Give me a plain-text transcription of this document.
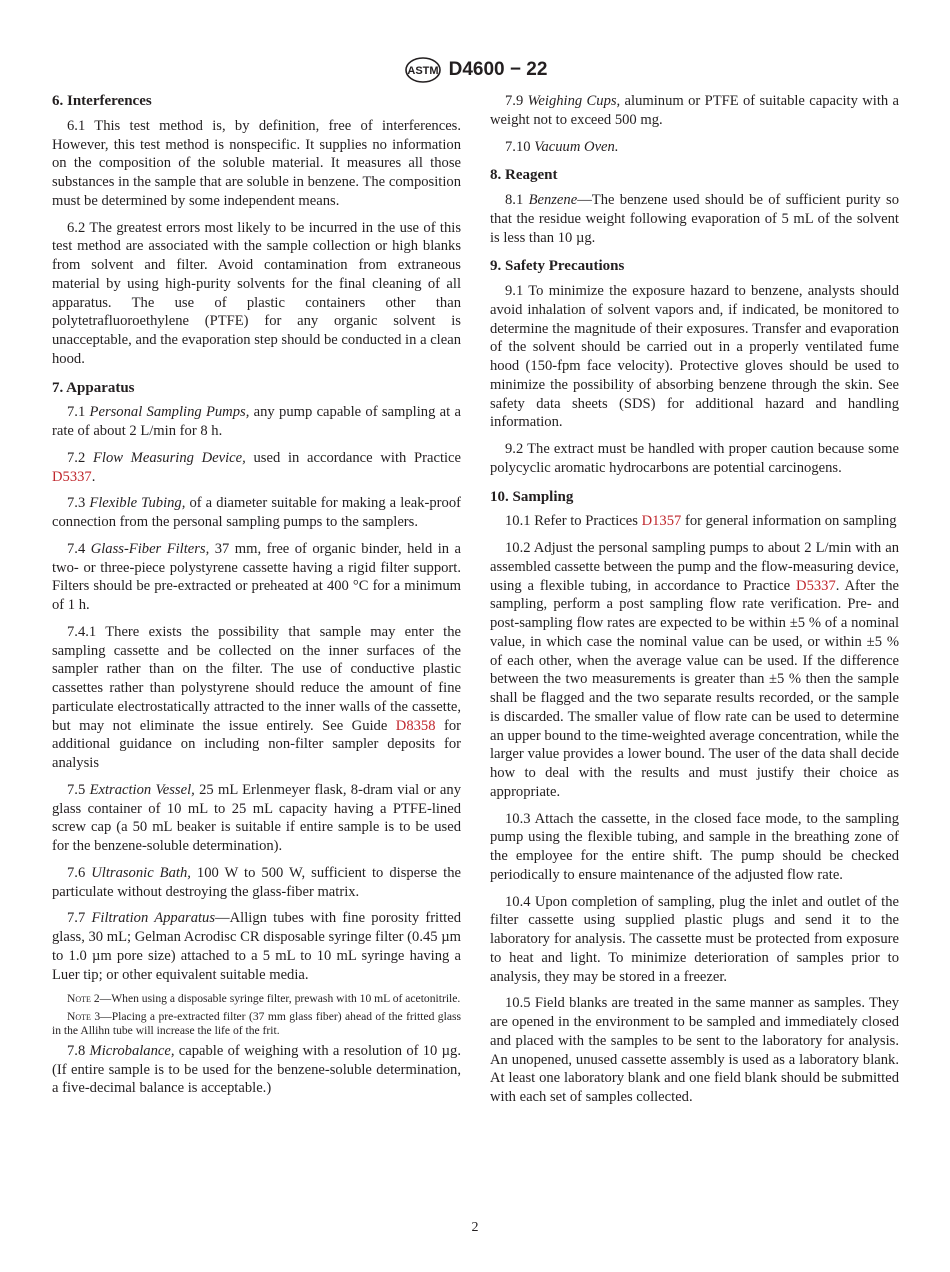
ASTM D4600 − 22
6. Interferences

6.1 This test method is, by definition, free of interferences. However, this test method is nonspecific. It supplies no information on the composition of the soluble material. It measures all those substances in the sample that are soluble in benzene. The composition must be determined by some independent means.

6.2 The greatest errors most likely to be incurred in the use of this test method are associated with the sample collection or high blanks from solvent and filter. Avoid contamination from extraneous material by using high-purity solvents for the final cleaning of all apparatus. The use of plastic containers other than polytetrafluoroethylene (PTFE) for any organic solvent is unacceptable, and the evaporation step should be conducted in a clean hood.

7. Apparatus

7.1 Personal Sampling Pumps, any pump capable of sampling at a rate of about 2 L/min for 8 h.

7.2 Flow Measuring Device, used in accordance with Practice D5337.

7.3 Flexible Tubing, of a diameter suitable for making a leak-proof connection from the personal sampling pumps to the samplers.

7.4 Glass-Fiber Filters, 37 mm, free of organic binder, held in a two- or three-piece polystyrene cassette having a rigid filter support. Filters should be pre-extracted or preheated at 400 °C for a minimum of 1 h.

7.4.1 There exists the possibility that sample may enter the sampling cassette and be collected on the inner surfaces of the sampler rather than on the filter. The use of conductive plastic cassettes rather than polystyrene should reduce the amount of fine particulate electrostatically attracted to the inner walls of the cassette, but may not eliminate the issue entirely. See Guide D8358 for additional guidance on including non-filter sampler deposits for analysis

7.5 Extraction Vessel, 25 mL Erlenmeyer flask, 8-dram vial or any glass container of 10 mL to 25 mL capacity having a PTFE-lined screw cap (a 50 mL beaker is suitable if entire sample is to be used for the benzene-soluble determination).

7.6 Ultrasonic Bath, 100 W to 500 W, sufficient to disperse the particulate without destroying the glass-fiber matrix.

7.7 Filtration Apparatus—Allign tubes with fine porosity fritted glass, 30 mL; Gelman Acrodisc CR disposable syringe filter (0.45 µm to 1.0 µm pore size) attached to a 5 mL to 10 mL syringe having a Luer tip; or other equivalent suitable media.

Note 2—When using a disposable syringe filter, prewash with 10 mL of acetonitrile.

Note 3—Placing a pre-extracted filter (37 mm glass fiber) ahead of the fritted glass in the Allihn tube will increase the life of the frit.

7.8 Microbalance, capable of weighing with a resolution of 10 µg. (If entire sample is to be used for the benzene-soluble determination, a five-decimal balance is acceptable.)

7.9 Weighing Cups, aluminum or PTFE of suitable capacity with a weight not to exceed 500 mg.

7.10 Vacuum Oven.

8. Reagent

8.1 Benzene—The benzene used should be of sufficient purity so that the residue weight following evaporation of 5 mL of the solvent is less than 10 µg.

9. Safety Precautions

9.1 To minimize the exposure hazard to benzene, analysts should avoid inhalation of solvent vapors and, if indicated, be monitored to determine the magnitude of their exposures. Transfer and evaporation of the solvent should be carried out in a properly ventilated fume hood (150-fpm face velocity). Protective gloves should be used to minimize the possibility of absorbing benzene through the skin. See safety data sheets (SDS) for additional hazard and handling information.

9.2 The extract must be handled with proper caution because some polycyclic aromatic hydrocarbons are potential carcinogens.

10. Sampling

10.1 Refer to Practices D1357 for general information on sampling

10.2 Adjust the personal sampling pumps to about 2 L/min with an assembled cassette between the pump and the flow-measuring device, using a flexible tubing, in accordance to Practice D5337. After the sampling, perform a post sampling flow rate verification. Pre- and post-sampling flow rates are expected to be within ±5 % of a nominal value, in which case the nominal value can be used, or within ±5 % of each other, when the average value can be used. If the difference between the two measurements is greater than ±5 % then the sample shall be flagged and the two separate results recorded, or the sample is discarded. The smaller value of flow rate can be used to determine an upper bound to the time-weighted average concentration, while the larger value provides a lower bound. The user of the data shall decide how to deal with the results and must justify their choice as appropriate.

10.3 Attach the cassette, in the closed face mode, to the sampling pump using the flexible tubing, and sample in the breathing zone of the employee for the entire shift. The pump should be checked periodically to ensure maintenance of the adjusted flow rate.

10.4 Upon completion of sampling, plug the inlet and outlet of the filter cassette using supplied plastic plugs and send it to the laboratory for analysis. The cassette must be protected from exposure to heat and light. To minimize deterioration of samples prior to analysis, they may be stored in a freezer.

10.5 Field blanks are treated in the same manner as samples. They are opened in the environment to be sampled and immediately closed and placed with the samples to be sent to the laboratory for analysis. An unopened, unused cassette assembly is used as a laboratory blank. At least one laboratory blank and one field blank should be submitted with each set of samples collected.

2
